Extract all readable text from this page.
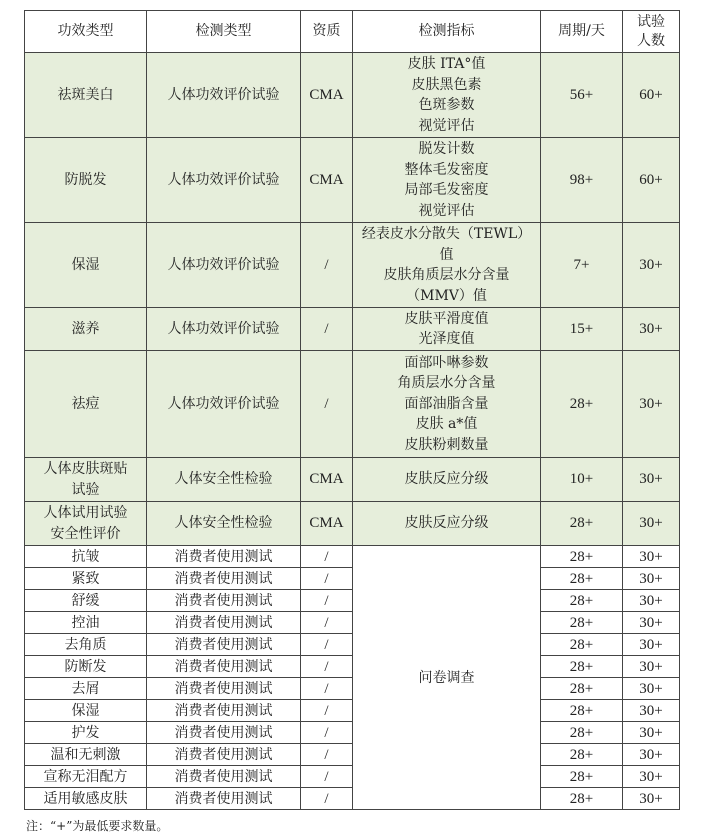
功效类型	检测类型	资质	检测指标	周期/天	试验
人数

祛斑美白	人体功效评价试验	CMA	皮肤 ITA°值
皮肤黑色素
色斑参数
视觉评估	56+	60+

防脱发	人体功效评价试验	CMA	脱发计数
整体毛发密度
局部毛发密度
视觉评估	98+	60+

保湿	人体功效评价试验	/	经表皮水分散失（TEWL）
值
皮肤角质层水分含量
（MMV）值	7+	30+

滋养	人体功效评价试验	/	皮肤平滑度值
光泽度值	15+	30+

祛痘	人体功效评价试验	/	面部卟啉参数
角质层水分含量
面部油脂含量
皮肤 a*值
皮肤粉刺数量	28+	30+

人体皮肤斑贴
试验	人体安全性检验	CMA	皮肤反应分级	10+	30+

人体试用试验
安全性评价	人体安全性检验	CMA	皮肤反应分级	28+	30+
抗皱	消费者使用测试	/	问卷调查	28+	30+
紧致	消费者使用测试	/		28+	30+
舒缓	消费者使用测试	/		28+	30+
控油	消费者使用测试	/		28+	30+
去角质	消费者使用测试	/		28+	30+
防断发	消费者使用测试	/		28+	30+
去屑	消费者使用测试	/		28+	30+
保湿	消费者使用测试	/		28+	30+
护发	消费者使用测试	/		28+	30+
温和无刺激	消费者使用测试	/		28+	30+
宣称无泪配方	消费者使用测试	/		28+	30+
适用敏感皮肤	消费者使用测试	/		28+	30+
注：“+”为最低要求数量。
